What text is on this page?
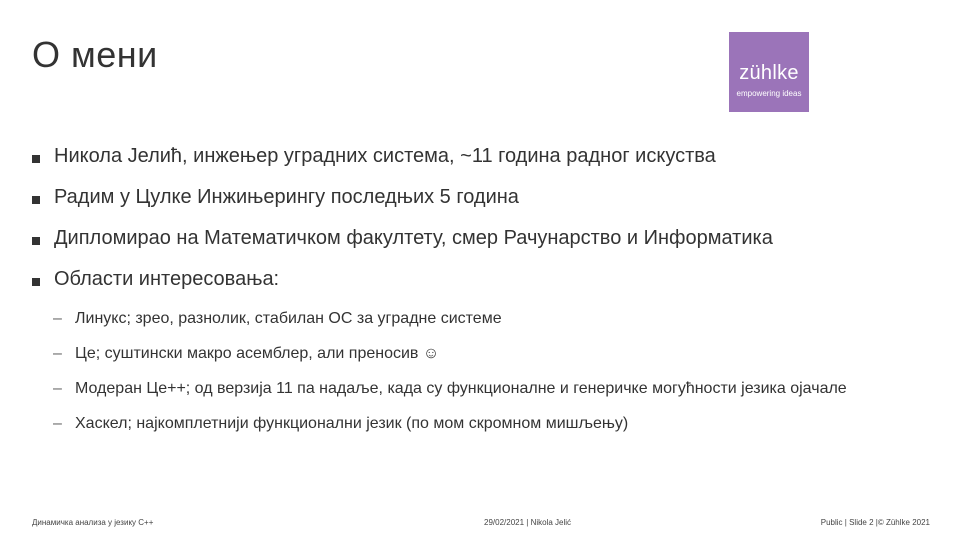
О мени	zühlke
empowering ideas
Никола Јелић, инжењер уградних система, ~11 година радног искуства
Радим у Цулке Инжињерингу последњих 5 година
Дипломирао на Математичком факултету, смер Рачунарство и Информатика
Области интересовања:
– Линукс; зрео, разнолик, стабилан ОС за уградне системе
– Це; суштински макро асемблер, али преносив ☺
– Модеран Це++; од верзија 11 па надаље, када су функционалне и генеричке могућности језика ојачале
– Хаскел; најкомплетнији функционални језик (по мом скромном мишљењу)
Динамичка анализа у језику C++	29/02/2021 | Nikola Jelić	Public | Slide 2 |© Zühlke 2021
